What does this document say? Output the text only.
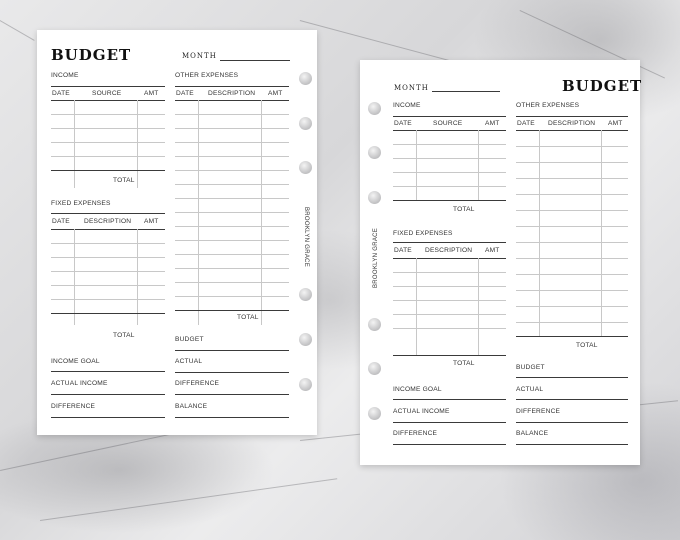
BUDGET	MONTH
INCOME
DATE	SOURCE	AMT
TOTAL
FIXED EXPENSES
DATE DESCRIPTION AMT
TOTAL
OTHER EXPENSES
DATE DESCRIPTION AMT
TOTAL
INCOME GOAL
ACTUAL INCOME
DIFFERENCE
BUDGET
ACTUAL
DIFFERENCE
BALANCE
BROOKLYN GRACE
MONTH	BUDGET
INCOME
DATE	SOURCE	AMT
TOTAL
FIXED EXPENSES
DATE DESCRIPTION AMT
TOTAL
OTHER EXPENSES
DATE DESCRIPTION AMT
TOTAL
INCOME GOAL
ACTUAL INCOME
DIFFERENCE
BUDGET
ACTUAL
DIFFERENCE
BALANCE
BROOKLYN GRACE
